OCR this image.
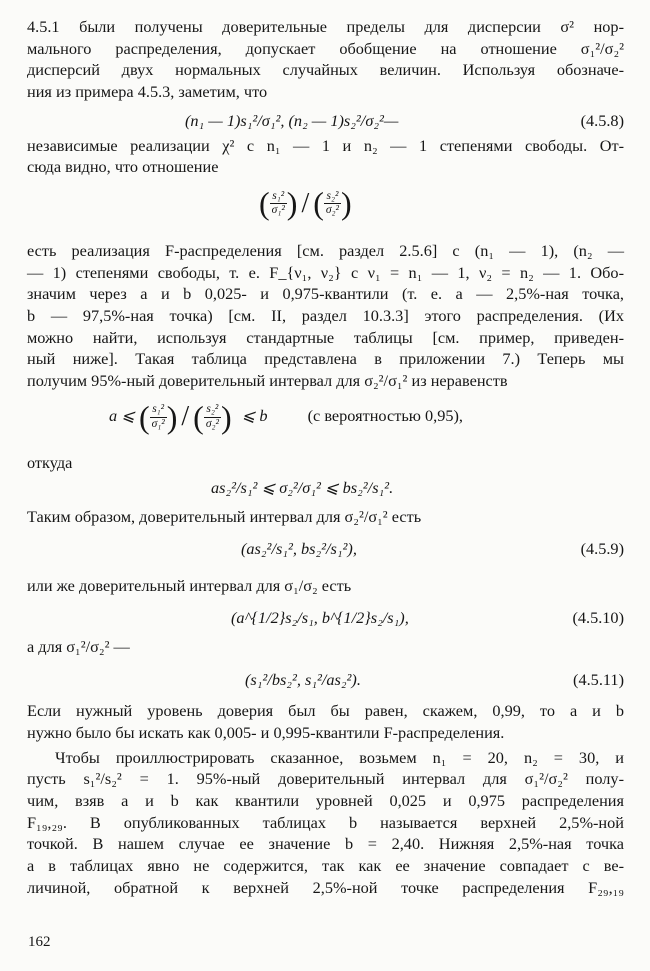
4.5.1 были получены доверительные пределы для дисперсии σ² нор-
мального распределения, допускает обобщение на отношение σ₁²/σ₂²
дисперсий двух нормальных случайных величин. Используя обозначе-
ния из примера 4.5.3, заметим, что

(n₁ — 1)s₁²/σ₁², (n₂ — 1)s₂²/σ₂²—	(4.5.8)

независимые реализации χ² с n₁ — 1 и n₂ — 1 степенями свободы. От-
сюда видно, что отношение

( $\frac{\text{s₁²}}{\text{σ₁²}}$ ) / ( $\frac{\text{s₂²}}{\text{σ₂²}}$ )

есть реализация F-распределения [см. раздел 2.5.6] с (n₁ — 1), (n₂ —
— 1) степенями свободы, т. е. F_{ν₁, ν₂} с ν₁ = n₁ — 1, ν₂ = n₂ — 1. Обо-
значим через a и b 0,025- и 0,975-квантили (т. е. a — 2,5%-ная точка,
b — 97,5%-ная точка) [см. II, раздел 10.3.3] этого распределения. (Их
можно найти, используя стандартные таблицы [см. пример, приведен-
ный ниже]. Такая таблица представлена в приложении 7.) Теперь мы
получим 95%-ный доверительный интервал для σ₂²/σ₁² из неравенств

a ⩽ ( $\frac{\text{s₁²}}{\text{σ₁²}}$ ) / ( $\frac{\text{s₂²}}{\text{σ₂²}}$ ) ⩽ b (с вероятностью 0,95),

откуда

as₂²/s₁² ⩽ σ₂²/σ₁² ⩽ bs₂²/s₁².

Таким образом, доверительный интервал для σ₂²/σ₁² есть

(as₂²/s₁², bs₂²/s₁²),	(4.5.9)

или же доверительный интервал для σ₁/σ₂ есть

(a^{1/2}s₂/s₁, b^{1/2}s₂/s₁),	(4.5.10)

а для σ₁²/σ₂² —

(s₁²/bs₂², s₁²/as₂²).	(4.5.11)

Если нужный уровень доверия был бы равен, скажем, 0,99, то a и b
нужно было бы искать как 0,005- и 0,995-квантили F-распределения.

Чтобы проиллюстрировать сказанное, возьмем n₁ = 20, n₂ = 30, и
пусть s₁²/s₂² = 1. 95%-ный доверительный интервал для σ₁²/σ₂² полу-
чим, взяв a и b как квантили уровней 0,025 и 0,975 распределения
F₁₉,₂₉. В опубликованных таблицах b называется верхней 2,5%-ной
точкой. В нашем случае ее значение b = 2,40. Нижняя 2,5%-ная точка
a в таблицах явно не содержится, так как ее значение совпадает с ве-
личиной, обратной к верхней 2,5%-ной точке распределения F₂₉,₁₉

162
